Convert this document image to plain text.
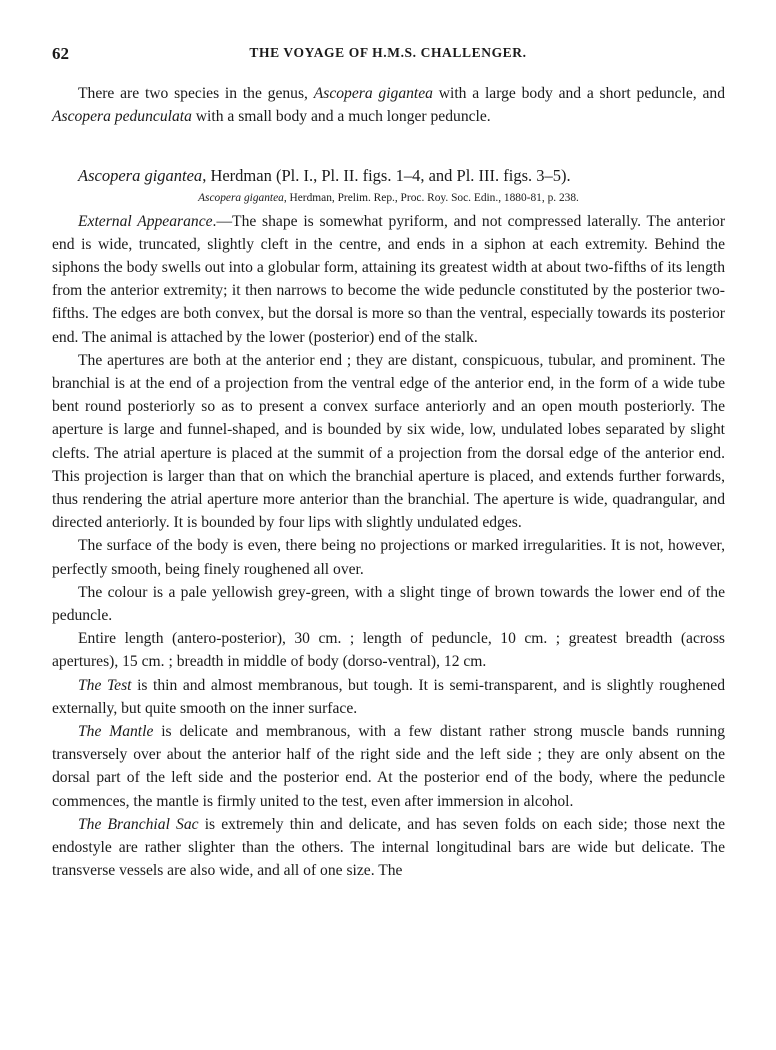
62	THE VOYAGE OF H.M.S. CHALLENGER.

There are two species in the genus, Ascopera gigantea with a large body and a short peduncle, and Ascopera pedunculata with a small body and a much longer peduncle.

Ascopera gigantea, Herdman (Pl. I., Pl. II. figs. 1–4, and Pl. III. figs. 3–5).

Ascopera gigantea, Herdman, Prelim. Rep., Proc. Roy. Soc. Edin., 1880-81, p. 238.

External Appearance.—The shape is somewhat pyriform, and not compressed laterally. The anterior end is wide, truncated, slightly cleft in the centre, and ends in a siphon at each extremity. Behind the siphons the body swells out into a globular form, attaining its greatest width at about two-fifths of its length from the anterior extremity; it then narrows to become the wide peduncle constituted by the posterior two-fifths. The edges are both convex, but the dorsal is more so than the ventral, especially towards its posterior end. The animal is attached by the lower (posterior) end of the stalk.

The apertures are both at the anterior end ; they are distant, conspicuous, tubular, and prominent. The branchial is at the end of a projection from the ventral edge of the anterior end, in the form of a wide tube bent round posteriorly so as to present a convex surface anteriorly and an open mouth posteriorly. The aperture is large and funnel-shaped, and is bounded by six wide, low, undulated lobes separated by slight clefts. The atrial aperture is placed at the summit of a projection from the dorsal edge of the anterior end. This projection is larger than that on which the branchial aperture is placed, and extends further forwards, thus rendering the atrial aperture more anterior than the branchial. The aperture is wide, quadrangular, and directed anteriorly. It is bounded by four lips with slightly undulated edges.

The surface of the body is even, there being no projections or marked irregularities. It is not, however, perfectly smooth, being finely roughened all over.

The colour is a pale yellowish grey-green, with a slight tinge of brown towards the lower end of the peduncle.

Entire length (antero-posterior), 30 cm. ; length of peduncle, 10 cm. ; greatest breadth (across apertures), 15 cm. ; breadth in middle of body (dorso-ventral), 12 cm.

The Test is thin and almost membranous, but tough. It is semi-transparent, and is slightly roughened externally, but quite smooth on the inner surface.

The Mantle is delicate and membranous, with a few distant rather strong muscle bands running transversely over about the anterior half of the right side and the left side ; they are only absent on the dorsal part of the left side and the posterior end. At the posterior end of the body, where the peduncle commences, the mantle is firmly united to the test, even after immersion in alcohol.

The Branchial Sac is extremely thin and delicate, and has seven folds on each side; those next the endostyle are rather slighter than the others. The internal longitudinal bars are wide but delicate. The transverse vessels are also wide, and all of one size. The
